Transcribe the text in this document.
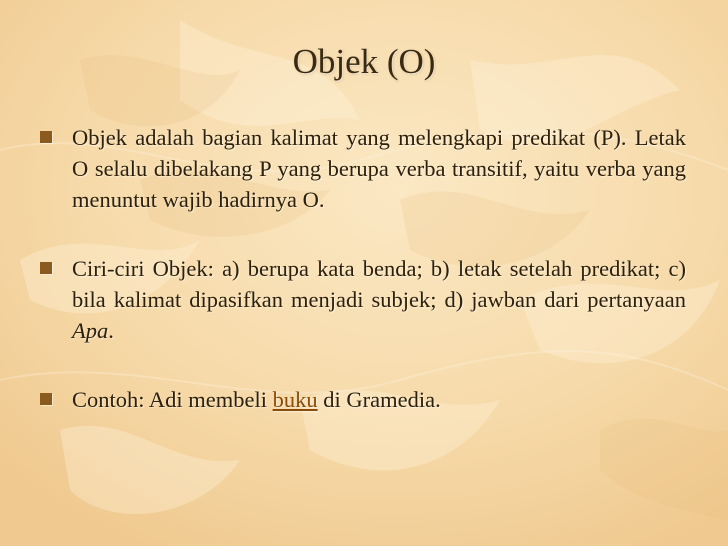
Objek (O)
Objek adalah bagian kalimat yang melengkapi predikat (P). Letak O selalu dibelakang P yang berupa verba transitif, yaitu verba yang menuntut wajib hadirnya O.
Ciri-ciri Objek: a) berupa kata benda; b) letak setelah predikat; c) bila kalimat dipasifkan menjadi subjek; d) jawban dari pertanyaan Apa.
Contoh: Adi membeli buku di Gramedia.
